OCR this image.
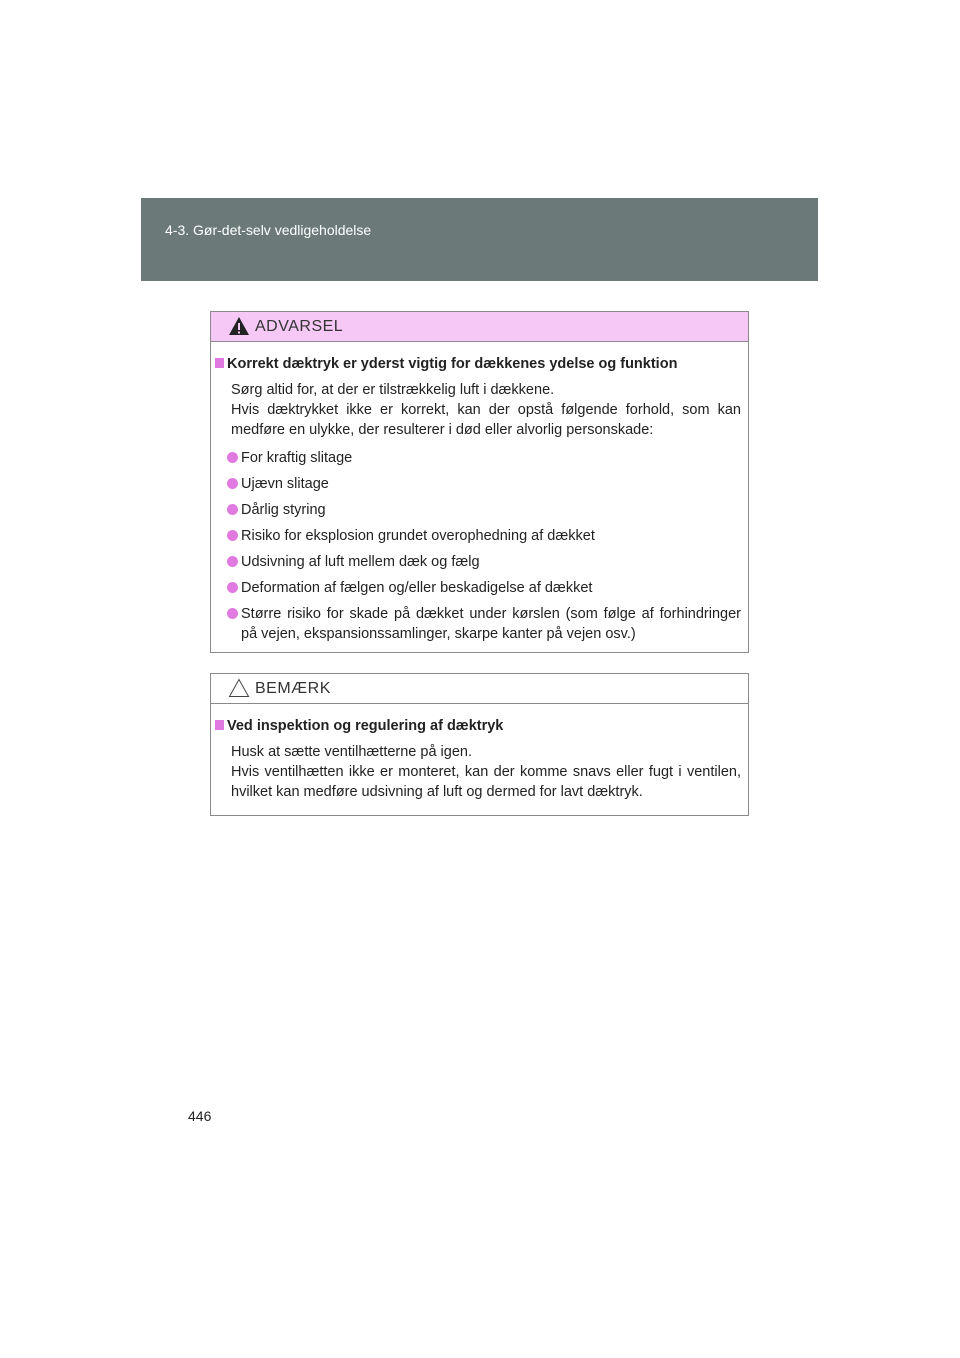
4-3. Gør-det-selv vedligeholdelse
ADVARSEL
Korrekt dæktryk er yderst vigtig for dækkenes ydelse og funktion
Sørg altid for, at der er tilstrækkelig luft i dækkene.
Hvis dæktrykket ikke er korrekt, kan der opstå følgende forhold, som kan medføre en ulykke, der resulterer i død eller alvorlig personskade:
For kraftig slitage
Ujævn slitage
Dårlig styring
Risiko for eksplosion grundet overophedning af dækket
Udsivning af luft mellem dæk og fælg
Deformation af fælgen og/eller beskadigelse af dækket
Større risiko for skade på dækket under kørslen (som følge af forhindringer på vejen, ekspansionssamlinger, skarpe kanter på vejen osv.)
BEMÆRK
Ved inspektion og regulering af dæktryk
Husk at sætte ventilhætterne på igen.
Hvis ventilhætten ikke er monteret, kan der komme snavs eller fugt i ventilen, hvilket kan medføre udsivning af luft og dermed for lavt dæktryk.
446
